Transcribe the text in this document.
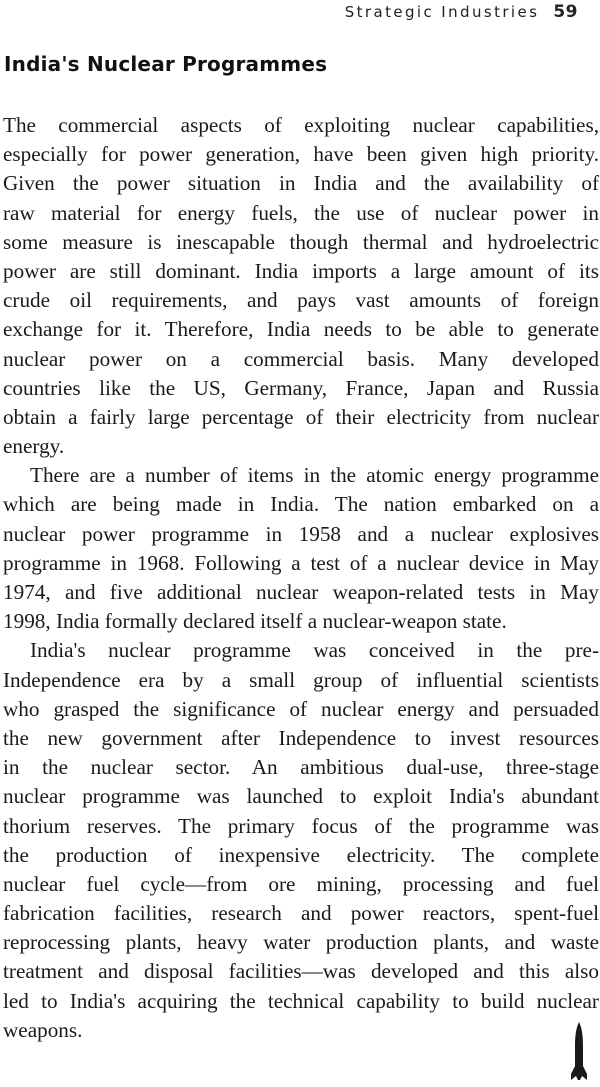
Strategic Industries 59
India's Nuclear Programmes
The commercial aspects of exploiting nuclear capabilities,
especially for power generation, have been given high priority.
Given the power situation in India and the availability of
raw material for energy fuels, the use of nuclear power in
some measure is inescapable though thermal and hydroelectric
power are still dominant. India imports a large amount of its
crude oil requirements, and pays vast amounts of foreign
exchange for it. Therefore, India needs to be able to generate
nuclear power on a commercial basis. Many developed
countries like the US, Germany, France, Japan and Russia
obtain a fairly large percentage of their electricity from nuclear
energy.
There are a number of items in the atomic energy programme
which are being made in India. The nation embarked on a
nuclear power programme in 1958 and a nuclear explosives
programme in 1968. Following a test of a nuclear device in May
1974, and five additional nuclear weapon-related tests in May
1998, India formally declared itself a nuclear-weapon state.
India's nuclear programme was conceived in the pre-
Independence era by a small group of influential scientists
who grasped the significance of nuclear energy and persuaded
the new government after Independence to invest resources
in the nuclear sector. An ambitious dual-use, three-stage
nuclear programme was launched to exploit India's abundant
thorium reserves. The primary focus of the programme was
the production of inexpensive electricity. The complete
nuclear fuel cycle—from ore mining, processing and fuel
fabrication facilities, research and power reactors, spent-fuel
reprocessing plants, heavy water production plants, and waste
treatment and disposal facilities—was developed and this also
led to India's acquiring the technical capability to build nuclear
weapons.
